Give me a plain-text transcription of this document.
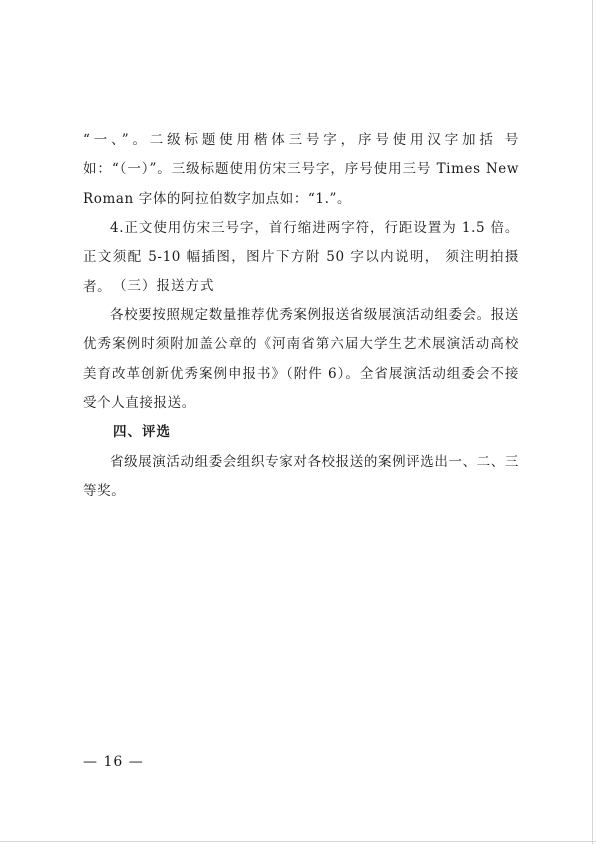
“一、”。二级标题使用楷体三号字，序号使用汉字加括 号如：“（一）”。三级标题使用仿宋三号字，序号使用三号 Times New Roman 字体的阿拉伯数字加点如：“1.”。

4.正文使用仿宋三号字，首行缩进两字符，行距设置为 1.5 倍。正文须配 5-10 幅插图，图片下方附 50 字以内说明， 须注明拍摄者。 （三）报送方式

各校要按照规定数量推荐优秀案例报送省级展演活动组委会。报送优秀案例时须附加盖公章的《河南省第六届大学生艺术展演活动高校美育改革创新优秀案例申报书》（附件 6）。全省展演活动组委会不接受个人直接报送。

四、评选

省级展演活动组委会组织专家对各校报送的案例评选出一、二、三等奖。

— 16 —
